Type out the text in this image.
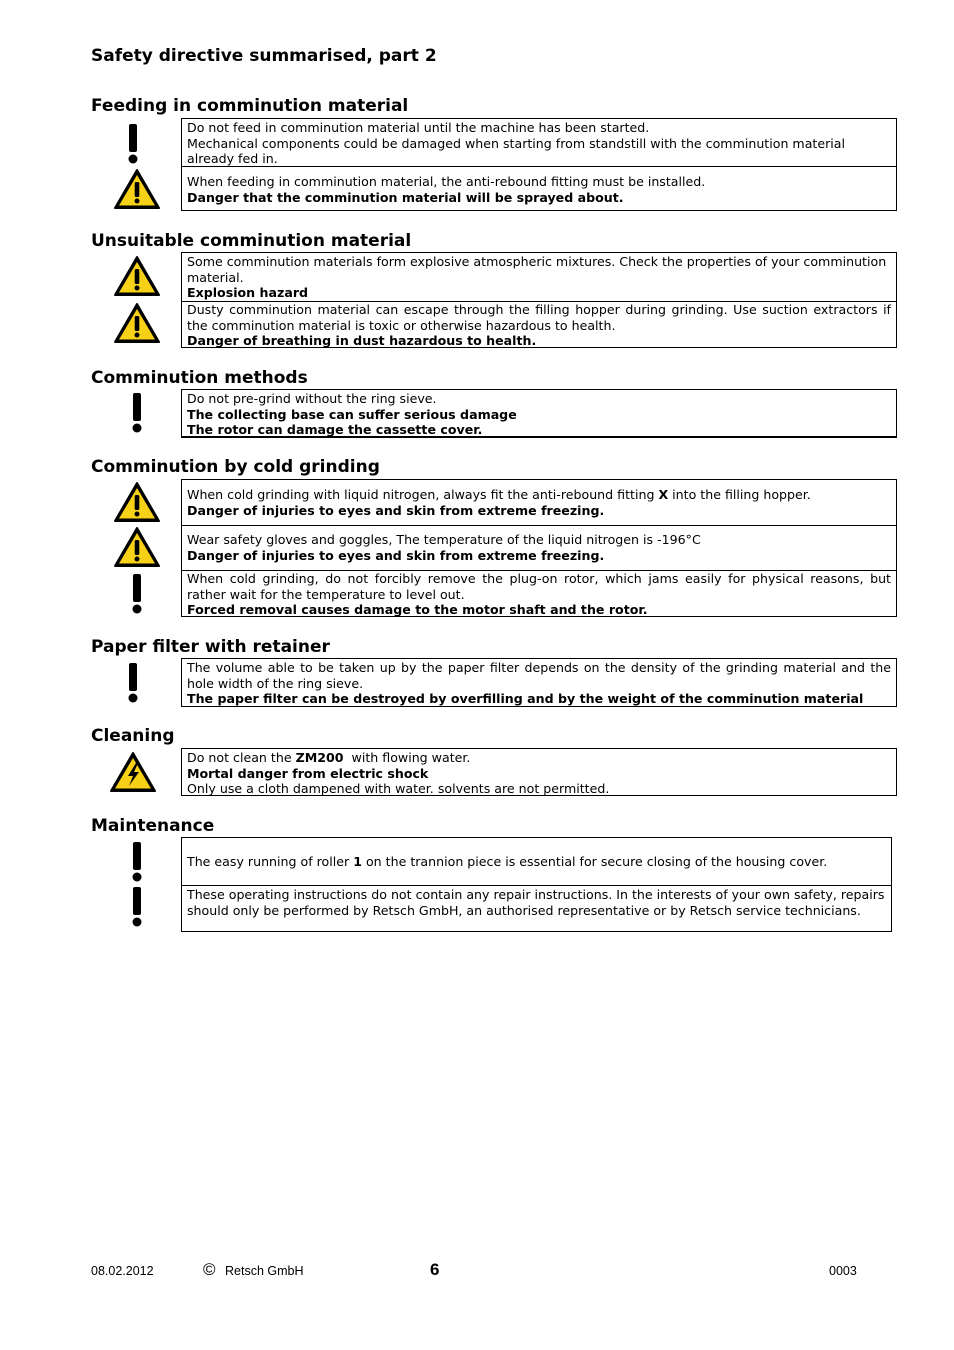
Safety directive summarised, part 2
Feeding in comminution material
Do not feed in comminution material until the machine has been started.
Mechanical components could be damaged when starting from standstill with the comminution material already fed in.
When feeding in comminution material, the anti-rebound fitting must be installed.
Danger that the comminution material will be sprayed about.
Unsuitable comminution material
Some comminution materials form explosive atmospheric mixtures. Check the properties of your comminution material.
Explosion hazard
Dusty comminution material can escape through the filling hopper during grinding. Use suction extractors if the comminution material is toxic or otherwise hazardous to health.
Danger of breathing in dust hazardous to health.
Comminution methods
Do not pre-grind without the ring sieve.
The collecting base can suffer serious damage
The rotor can damage the cassette cover.
Comminution by cold grinding
When cold grinding with liquid nitrogen, always fit the anti-rebound fitting X into the filling hopper.
Danger of injuries to eyes and skin from extreme freezing.
Wear safety gloves and goggles, The temperature of the liquid nitrogen is -196°C
Danger of injuries to eyes and skin from extreme freezing.
When cold grinding, do not forcibly remove the plug-on rotor, which jams easily for physical reasons, but rather wait for the temperature to level out.
Forced removal causes damage to the motor shaft and the rotor.
Paper filter with retainer
The volume able to be taken up by the paper filter depends on the density of the grinding material and the hole width of the ring sieve.
The paper filter can be destroyed by overfilling and by the weight of the comminution material
Cleaning
Do not clean the ZM200  with flowing water.
Mortal danger from electric shock
Only use a cloth dampened with water. solvents are not permitted.
Maintenance
The easy running of roller 1 on the trannion piece is essential for secure closing of the housing cover.
These operating instructions do not contain any repair instructions. In the interests of your own safety, repairs should only be performed by Retsch GmbH, an authorised representative or by Retsch service technicians.
08.02.2012	© Retsch GmbH	6	0003
